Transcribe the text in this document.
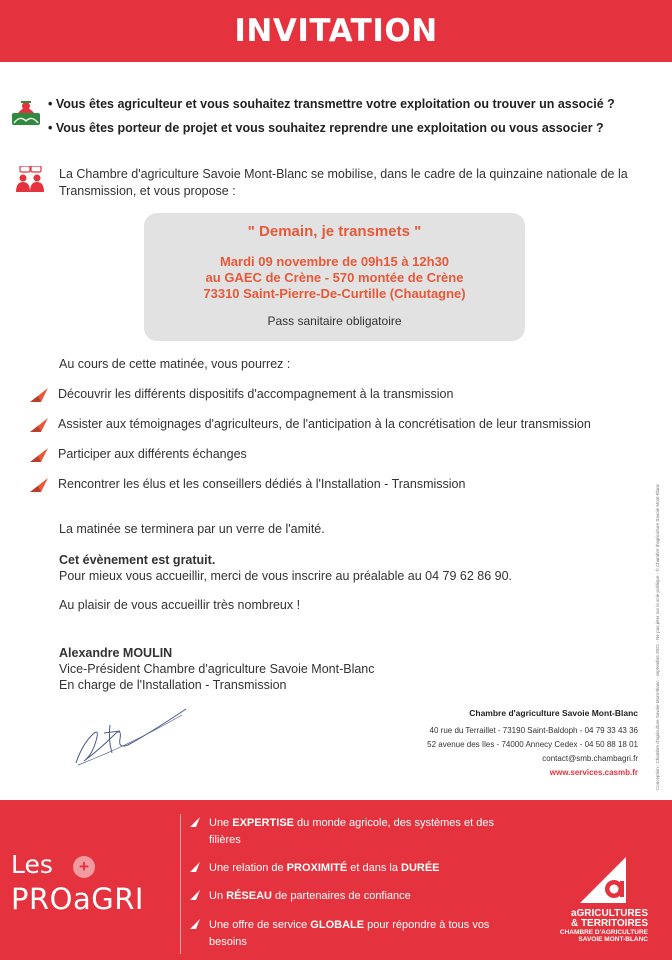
INVITATION
• Vous êtes agriculteur et vous souhaitez transmettre votre exploitation ou trouver un associé ?
• Vous êtes porteur de projet et vous souhaitez reprendre une exploitation ou vous associer ?
La Chambre d'agriculture Savoie Mont-Blanc se mobilise, dans le cadre de la quinzaine nationale de la
Transmission, et vous propose :
" Demain, je transmets "
Mardi 09 novembre de 09h15 à 12h30
au GAEC de Crène - 570 montée de Crène
73310 Saint-Pierre-De-Curtille (Chautagne)
Pass sanitaire obligatoire
Au cours de cette matinée, vous pourrez :
Découvrir les différents dispositifs d'accompagnement à la transmission
Assister aux témoignages d'agriculteurs, de l'anticipation à la concrétisation de leur transmission
Participer aux différents échanges
Rencontrer les élus et les conseillers dédiés à l'Installation - Transmission
La matinée se terminera par un verre de l'amité.
Cet évènement est gratuit.
Pour mieux vous accueillir, merci de vous inscrire au préalable au 04 79 62 86 90.
Au plaisir de vous accueillir très nombreux !
Alexandre MOULIN
Vice-Président Chambre d'agriculture Savoie Mont-Blanc
En charge de l'Installation - Transmission
Chambre d'agriculture Savoie Mont-Blanc
40 rue du Terraillet - 73190 Saint-Baldoph - 04 79 33 43 36
52 avenue des Iles - 74000 Annecy Cedex - 04 50 88 18 01
contact@smb.chambagri.fr
www.services.casmb.fr	Conception : Chambre d'agriculture Savoie Mont-Blanc - septembre 2021 - Ne pas jeter sur la voie publique - © Chambre d'agriculture Savoie Mont-Blanc
Les	+
PROaGRI
Une EXPERTISE du monde agricole, des systèmes et des filières
Une relation de PROXIMITÉ et dans la DURÉE
Un RÉSEAU de partenaires de confiance
Une offre de service GLOBALE pour répondre à tous vos besoins
aGRICULTURES
& TERRITOIRES
CHAMBRE D'AGRICULTURE
SAVOIE MONT-BLANC
